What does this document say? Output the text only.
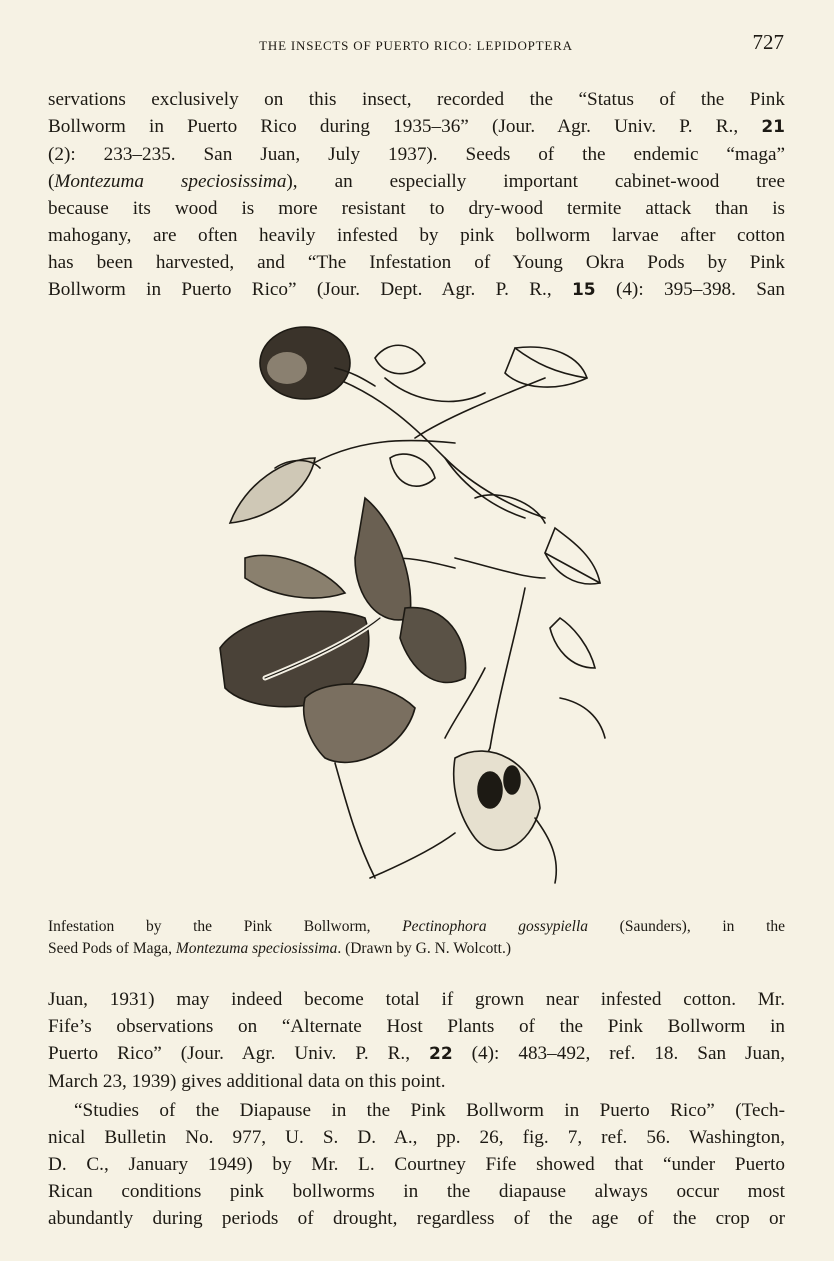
THE INSECTS OF PUERTO RICO: LEPIDOPTERA	727

servations exclusively on this insect, recorded the “Status of the Pink
Bollworm in Puerto Rico during 1935–36” (Jour. Agr. Univ. P. R., 21
(2): 233–235. San Juan, July 1937). Seeds of the endemic “maga”
(Montezuma speciosissima), an especially important cabinet-wood tree
because its wood is more resistant to dry-wood termite attack than is
mahogany, are often heavily infested by pink bollworm larvae after cotton
has been harvested, and “The Infestation of Young Okra Pods by Pink
Bollworm in Puerto Rico” (Jour. Dept. Agr. P. R., 15 (4): 395–398. San

Infestation by the Pink Bollworm, Pectinophora gossypiella (Saunders), in the
Seed Pods of Maga, Montezuma speciosissima. (Drawn by G. N. Wolcott.)

Juan, 1931) may indeed become total if grown near infested cotton. Mr.
Fife’s observations on “Alternate Host Plants of the Pink Bollworm in
Puerto Rico” (Jour. Agr. Univ. P. R., 22 (4): 483–492, ref. 18. San Juan,
March 23, 1939) gives additional data on this point.

“Studies of the Diapause in the Pink Bollworm in Puerto Rico” (Tech-
nical Bulletin No. 977, U. S. D. A., pp. 26, fig. 7, ref. 56. Washington,
D. C., January 1949) by Mr. L. Courtney Fife showed that “under Puerto
Rican conditions pink bollworms in the diapause always occur most
abundantly during periods of drought, regardless of the age of the crop or
